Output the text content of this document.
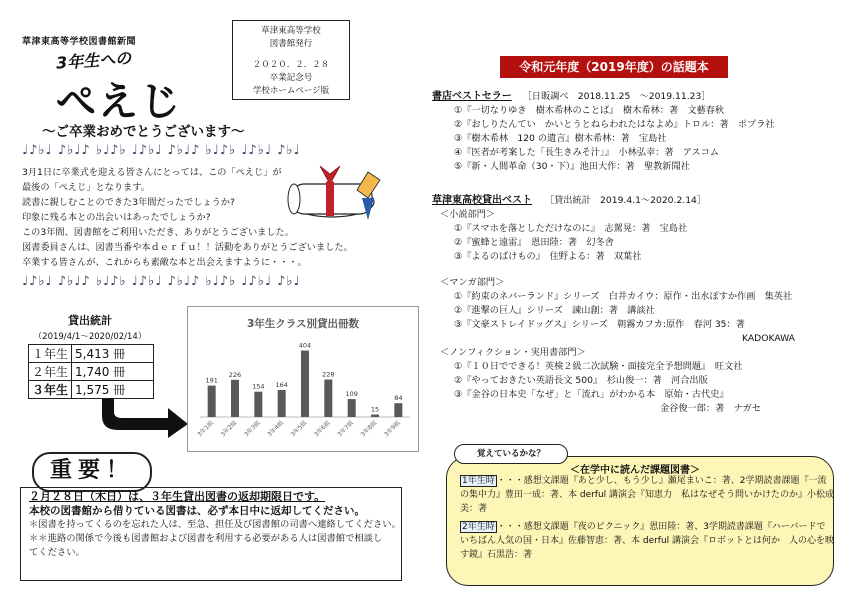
草津東高等学校図書館新聞
3年生への
ぺえじ
草津東高等学校
図書館発行
２０２０．２．２８
卒業記念号
学校ホームページ版
～ご卒業おめでとうございます～
♩♪♭♩ ♪♭♩♪ ♭♩♪♭ ♩♪♭♩ ♪♭♩♪ ♭♩♪♭ ♩♪♭♩ ♪♭♩
3月1日に卒業式を迎える皆さんにとっては、この「ぺえじ」が
最後の「ぺえじ」となります。
読書に親しむことのできた3年間だったでしょうか?
印象に残る本との出会いはあったでしょうか?
この3年間、図書館をご利用いただき、ありがとうございました。
図書委員さんは、図書当番や本ｄｅｒｆｕ！！活動をありがとうございました。
卒業する皆さんが、これからも素敵な本と出会えますように・・・。
♩♪♭♩ ♪♭♩♪ ♭♩♪♭ ♩♪♭♩ ♪♭♩♪ ♭♩♪♭ ♩♪♭♩ ♪♭♩
貸出統計
（2019/4/1～2020/02/14）
１年生	5,413 冊
２年生	1,740 冊
３年生	1,575 冊
3年生クラス別貸出冊数
191
3年1組
226
3年2組
154
3年3組
164
3年4組
404
3年5組
228
3年6組
109
3年7組
15
3年8組
84
3年9組
重要！
２月２８日（木日）は、３年生貸出図書の返却期限日です。
本校の図書館から借りている図書は、必ず本日中に返却してください。
＊図書を持ってくるのを忘れた人は、至急、担任及び図書館の司書へ連絡してください。
＊＊進路の関係で今後も図書館および図書を利用する必要がある人は図書館で相談し
てください。
令和元年度（2019年度）の話題本
書店ベストセラー ［日販調べ　2018.11.25　～2019.11.23］
①『一切なりゆき　樹木希林のことば』　樹木希林：著　文藝春秋
②『おしりたんてい　かいとうとねらわれたはなよめ』トロル：著　ポプラ社
③『樹木希林　120 の遺言』樹木希林：著　宝島社
④『医者が考案した「長生きみそ汁」』　小林弘幸：著　アスコム
⑤『新・人間革命（30・下）』池田大作：著　聖教新聞社
草津東高校貸出ベスト ［貸出統計　2019.4.1～2020.2.14］
＜小説部門＞
①『スマホを落としただけなのに』　志駕晃：著　宝島社
②『蜜蜂と遠雷』　恩田陸：著　幻冬舎
③『よるのばけもの』　住野よる：著　双葉社
＜マンガ部門＞
①『約束のネバーランド』シリーズ　白井カイウ：原作・出水ぽすか作画　集英社
②『進撃の巨人』シリーズ　諫山創：著　講談社
③『文豪ストレイドッグス』シリーズ　朝霧カフカ:原作　春河 35：著
KADOKAWA
＜ノンフィクション・実用書部門＞
①『１０日でできる！英検２級二次試験・面接完全予想問題』　旺文社
②『やっておきたい英語長文 500』　杉山俊一：著　河合出版
③『金谷の日本史「なぜ」と「流れ」がわかる本　原始・古代史』
金谷俊一郎：著　ナガセ
覚えているかな？
＜在学中に読んだ課題図書＞
1年生時 ・・・感想文課題『あと少し、もう少し』瀬尾まいこ：著、2学期読書課題『一流
の集中力』豊田一成：著、本 derful 講演会『知恵力　私はなぜそう問いかけたのか』小松成
美：著
2年生時 ・・・感想文課題『夜のピクニック』恩田陸：著、3学期読書課題『ハーバードで
いちばん人気の国・日本』佐藤智恵：著、本 derful 講演会『ロボットとは何か　人の心を映
す鏡』石黒浩：著
